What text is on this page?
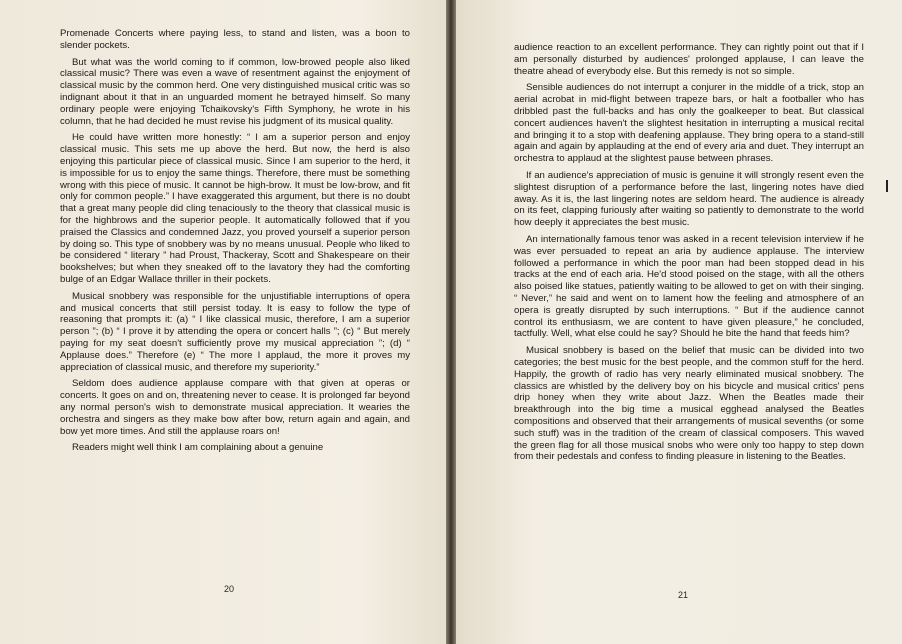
Promenade Concerts where paying less, to stand and listen, was a boon to slender pockets.

But what was the world coming to if common, low-browed people also liked classical music? There was even a wave of resentment against the enjoyment of classical music by the common herd. One very distinguished musical critic was so indignant about it that in an unguarded moment he betrayed himself. So many ordinary people were enjoying Tchaikovsky's Fifth Symphony, he wrote in his column, that he had decided he must revise his judgment of its musical quality.

He could have written more honestly: “ I am a superior person and enjoy classical music. This sets me up above the herd. But now, the herd is also enjoying this particular piece of classical music. Since I am superior to the herd, it is impossible for us to enjoy the same things. Therefore, there must be something wrong with this piece of music. It cannot be high-brow. It must be low-brow, and fit only for common people.” I have exaggerated this argument, but there is no doubt that a great many people did cling tenaciously to the theory that classical music is for the highbrows and the superior people. It automatically followed that if you praised the Classics and condemned Jazz, you proved yourself a superior person by doing so. This type of snobbery was by no means unusual. People who liked to be considered “ literary ” had Proust, Thackeray, Scott and Shakespeare on their bookshelves; but when they sneaked off to the lavatory they had the comforting bulge of an Edgar Wallace thriller in their pockets.

Musical snobbery was responsible for the unjustifiable interruptions of opera and musical concerts that still persist today. It is easy to follow the type of reasoning that prompts it: (a) “ I like classical music, therefore, I am a superior person ”; (b) “ I prove it by attending the opera or concert halls ”; (c) “ But merely paying for my seat doesn't sufficiently prove my musical appreciation ”; (d) “ Applause does.” Therefore (e) “ The more I applaud, the more it proves my appreciation of classical music, and therefore my superiority.”

Seldom does audience applause compare with that given at operas or concerts. It goes on and on, threatening never to cease. It is prolonged far beyond any normal person's wish to demonstrate musical appreciation. It wearies the orchestra and singers as they make bow after bow, return again and again, and bow yet more times. And still the applause roars on!

Readers might well think I am complaining about a genuine

20

audience reaction to an excellent performance. They can rightly point out that if I am personally disturbed by audiences' prolonged applause, I can leave the theatre ahead of everybody else. But this remedy is not so simple.

Sensible audiences do not interrupt a conjurer in the middle of a trick, stop an aerial acrobat in mid-flight between trapeze bars, or halt a footballer who has dribbled past the full-backs and has only the goalkeeper to beat. But classical concert audiences haven't the slightest hesitation in interrupting a musical recital and bringing it to a stop with deafening applause. They bring opera to a stand-still again and again by applauding at the end of every aria and duet. They interrupt an orchestra to applaud at the slightest pause between phrases.

If an audience's appreciation of music is genuine it will strongly resent even the slightest disruption of a performance before the last, lingering notes have died away. As it is, the last lingering notes are seldom heard. The audience is already on its feet, clapping furiously after waiting so patiently to demonstrate to the world how deeply it appreciates the best music.

An internationally famous tenor was asked in a recent television interview if he was ever persuaded to repeat an aria by audience applause. The interview followed a performance in which the poor man had been stopped dead in his tracks at the end of each aria. He'd stood poised on the stage, with all the others also poised like statues, patiently waiting to be allowed to get on with their singing. “ Never,” he said and went on to lament how the feeling and atmosphere of an opera is greatly disrupted by such interruptions. “ But if the audience cannot control its enthusiasm, we are content to have given pleasure,” he concluded, tactfully. Well, what else could he say? Should he bite the hand that feeds him?

Musical snobbery is based on the belief that music can be divided into two categories; the best music for the best people, and the common stuff for the herd. Happily, the growth of radio has very nearly eliminated musical snobbery. The classics are whistled by the delivery boy on his bicycle and musical critics' pens drip honey when they write about Jazz. When the Beatles made their breakthrough into the big time a musical egghead analysed the Beatles compositions and observed that their arrangements of musical sevenths (or some such stuff) was in the tradition of the cream of classical composers. This waved the green flag for all those musical snobs who were only too happy to step down from their pedestals and confess to finding pleasure in listening to the Beatles.

21
